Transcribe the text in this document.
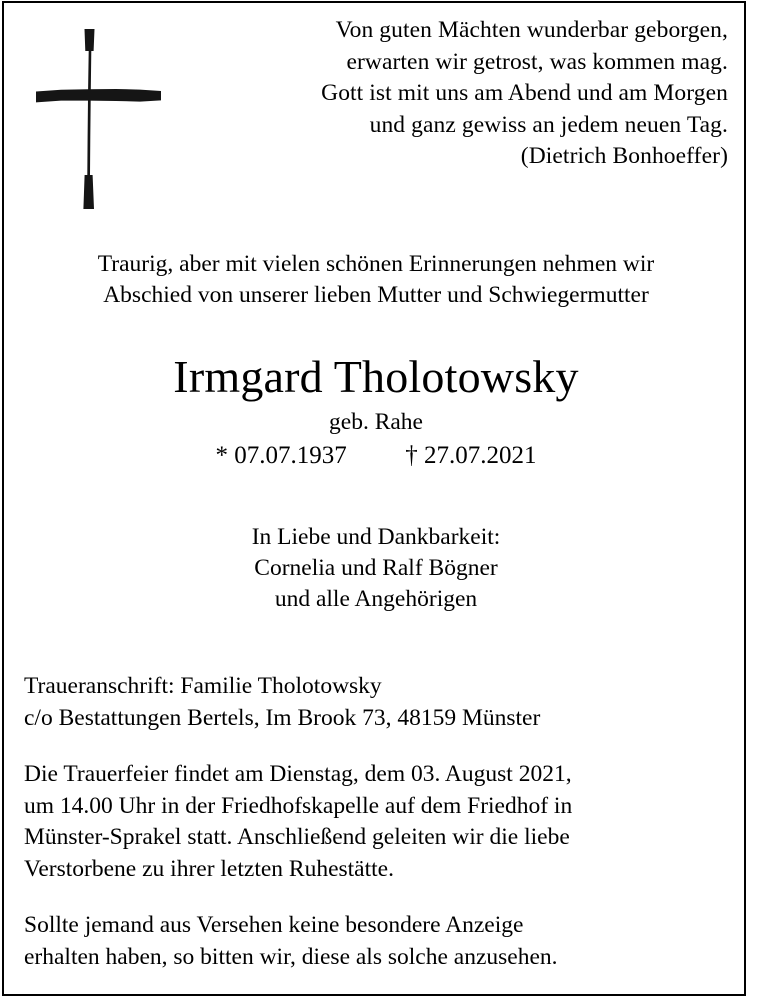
Von guten Mächten wunderbar geborgen,
erwarten wir getrost, was kommen mag.
Gott ist mit uns am Abend und am Morgen
und ganz gewiss an jedem neuen Tag.
(Dietrich Bonhoeffer)
Traurig, aber mit vielen schönen Erinnerungen nehmen wir
Abschied von unserer lieben Mutter und Schwiegermutter
Irmgard Tholotowsky
geb. Rahe
* 07.07.1937 † 27.07.2021
In Liebe und Dankbarkeit:
Cornelia und Ralf Bögner
und alle Angehörigen
Traueranschrift: Familie Tholotowsky
c/o Bestattungen Bertels, Im Brook 73, 48159 Münster
Die Trauerfeier findet am Dienstag, dem 03. August 2021,
um 14.00 Uhr in der Friedhofskapelle auf dem Friedhof in
Münster-Sprakel statt. Anschließend geleiten wir die liebe
Verstorbene zu ihrer letzten Ruhestätte.
Sollte jemand aus Versehen keine besondere Anzeige
erhalten haben, so bitten wir, diese als solche anzusehen.
